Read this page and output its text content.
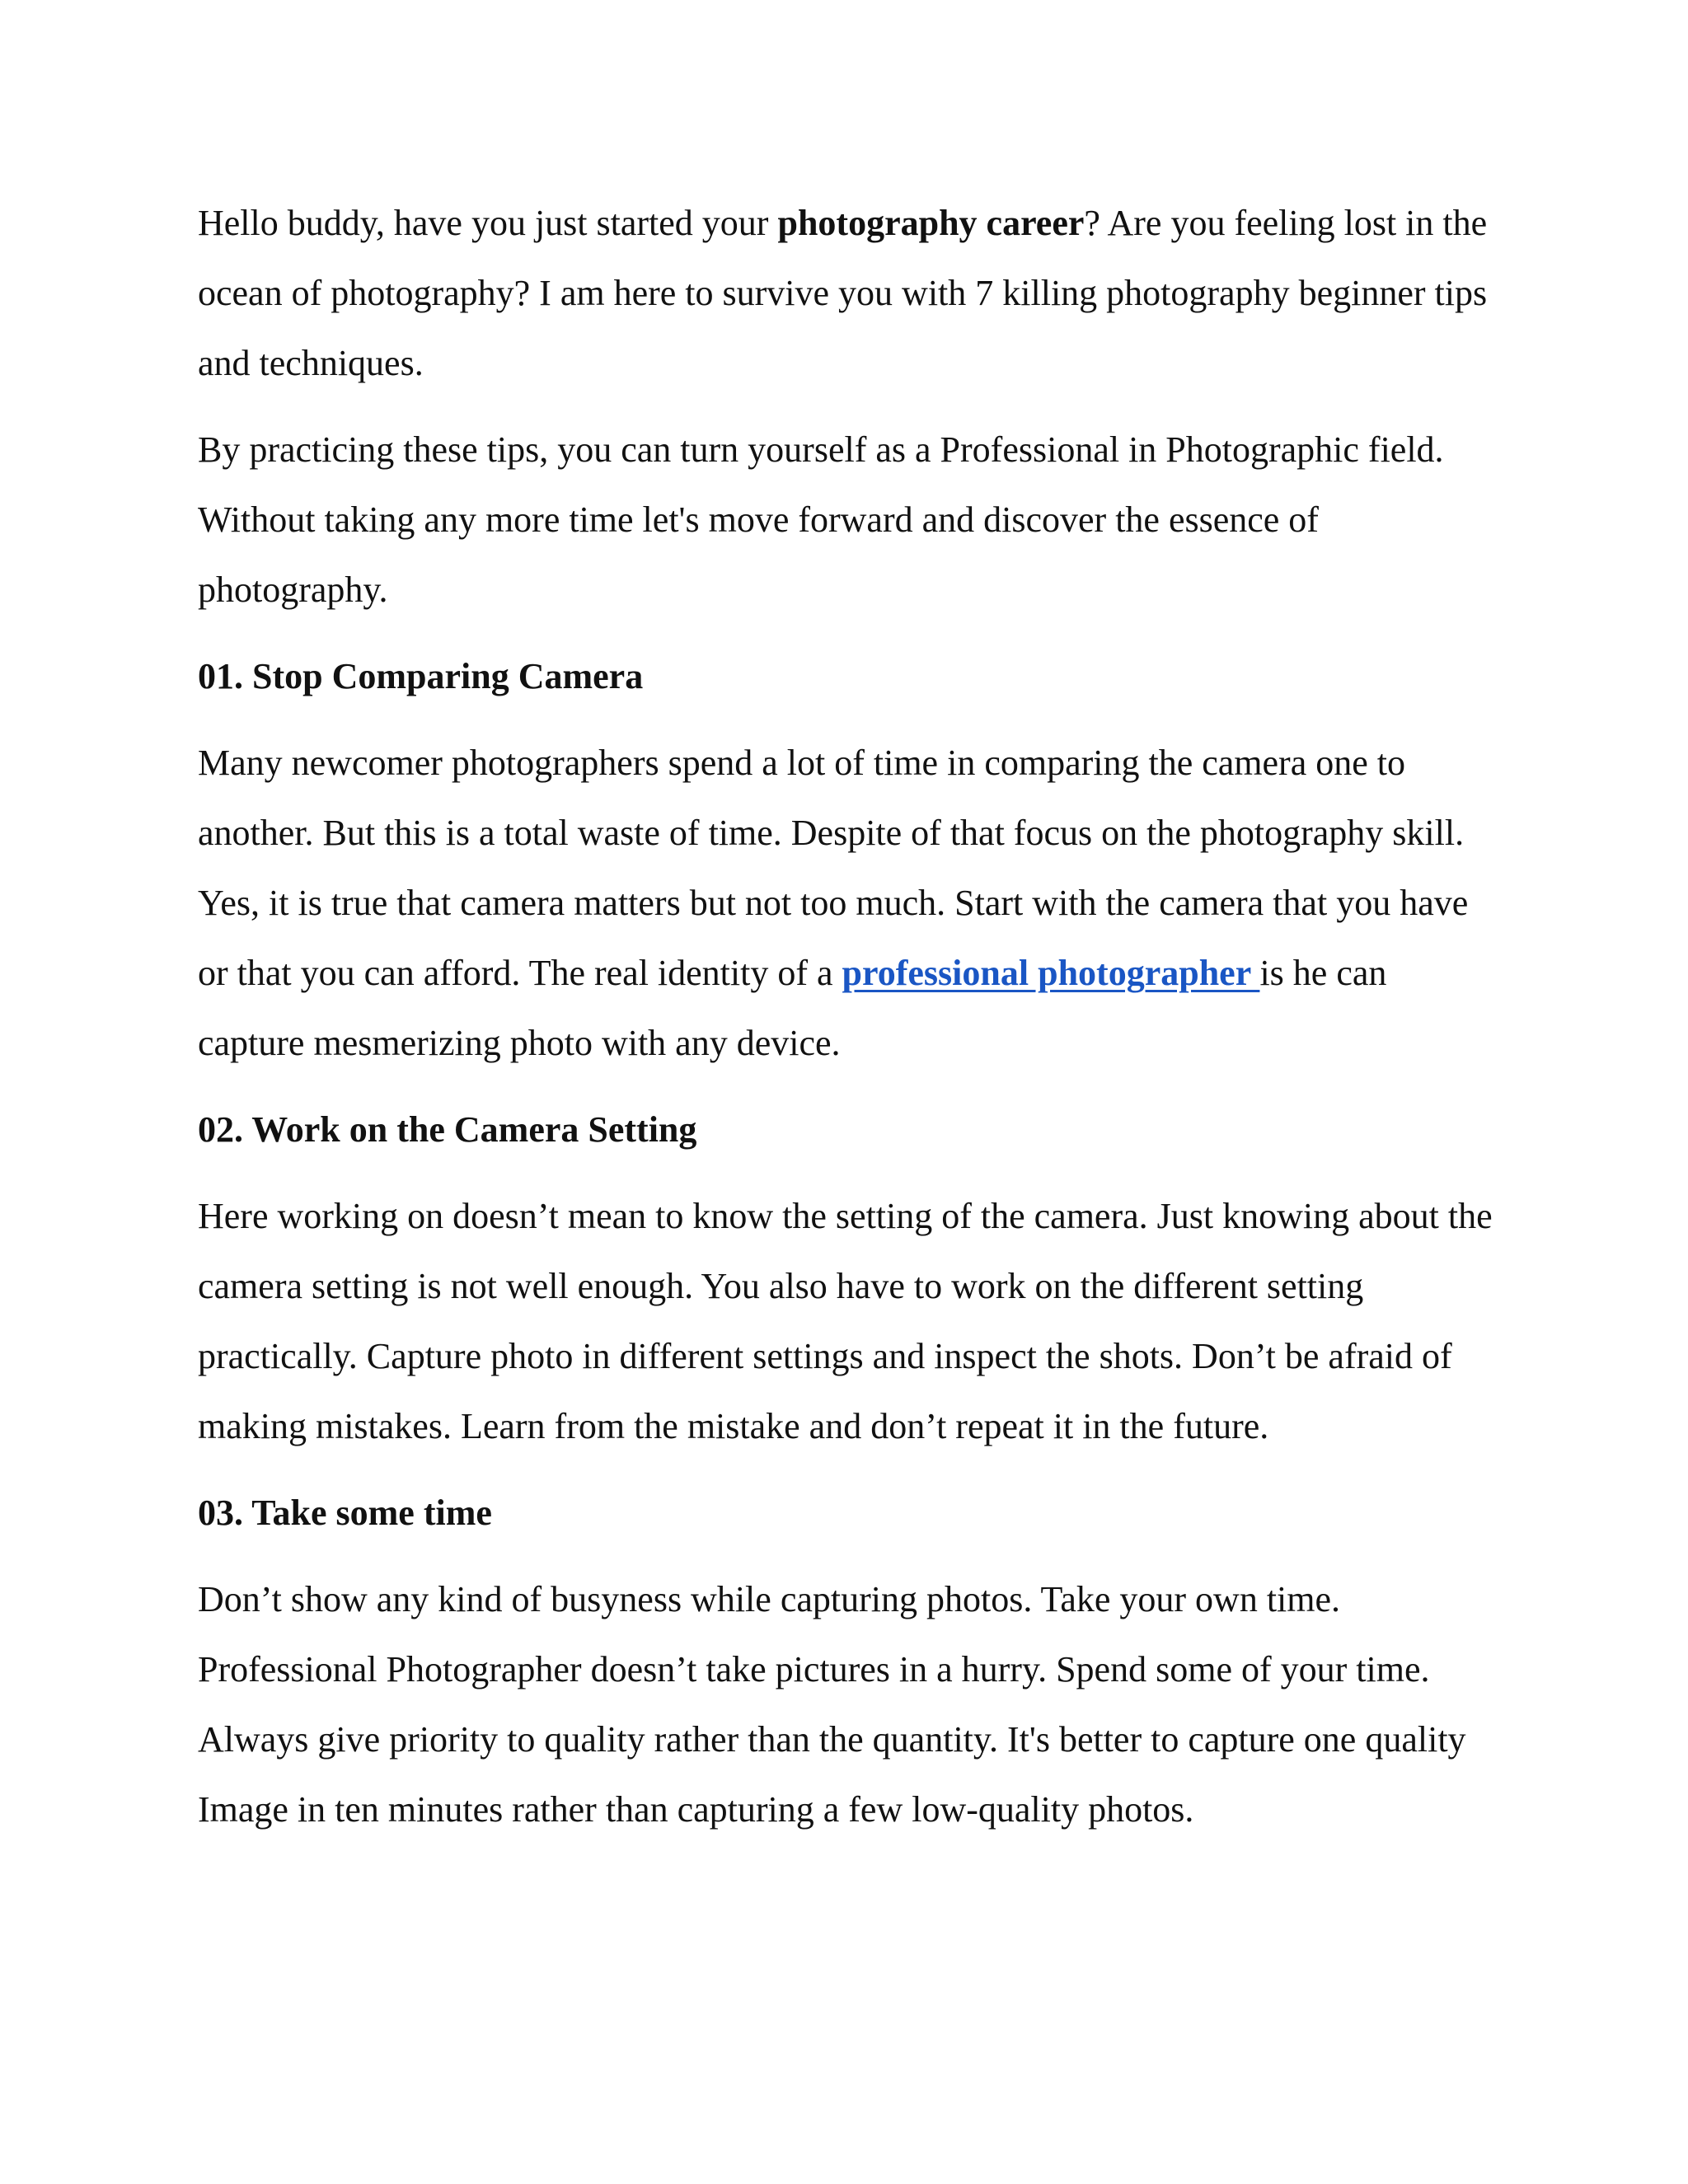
Hello buddy, have you just started your photography career? Are you feeling lost in the ocean of photography? I am here to survive you with 7 killing photography beginner tips and techniques.

By practicing these tips, you can turn yourself as a Professional in Photographic field. Without taking any more time let's move forward and discover the essence of photography.

01. Stop Comparing Camera

Many newcomer photographers spend a lot of time in comparing the camera one to another. But this is a total waste of time. Despite of that focus on the photography skill. Yes, it is true that camera matters but not too much. Start with the camera that you have or that you can afford. The real identity of a professional photographer is he can capture mesmerizing photo with any device.

02. Work on the Camera Setting

Here working on doesn’t mean to know the setting of the camera. Just knowing about the camera setting is not well enough. You also have to work on the different setting practically. Capture photo in different settings and inspect the shots. Don’t be afraid of making mistakes. Learn from the mistake and don’t repeat it in the future.

03. Take some time

Don’t show any kind of busyness while capturing photos. Take your own time. Professional Photographer doesn’t take pictures in a hurry. Spend some of your time. Always give priority to quality rather than the quantity. It's better to capture one quality Image in ten minutes rather than capturing a few low-quality photos.
